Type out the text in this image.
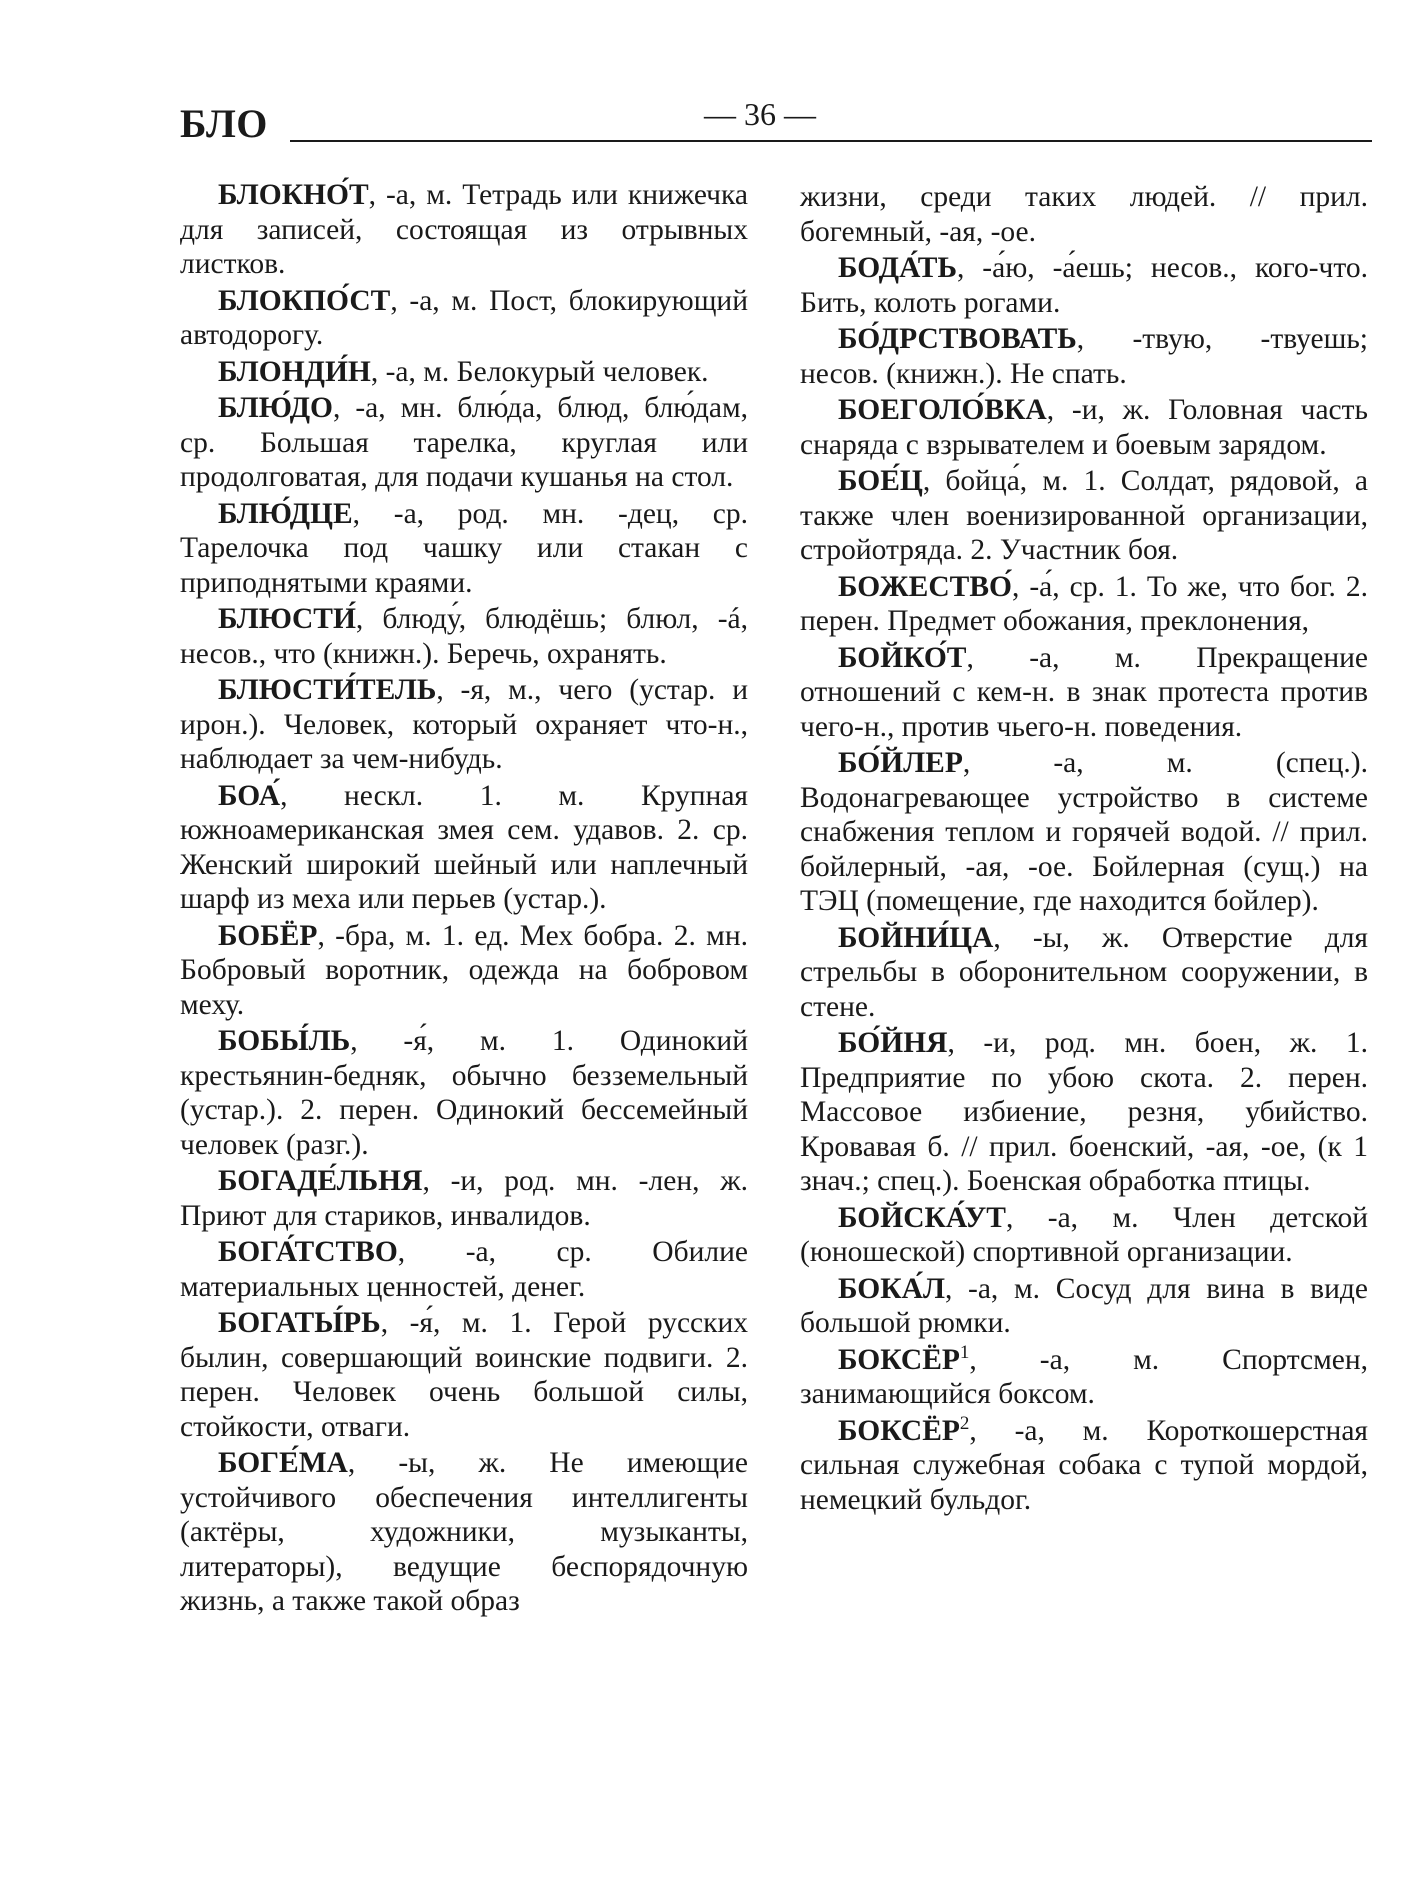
БЛО	— 36 —

БЛОКНО́Т, -а, м. Тетрадь или книжечка для записей, состоящая из отрывных листков.

БЛОКПО́СТ, -а, м. Пост, блокирующий автодорогу.

БЛОНДИ́Н, -а, м. Белокурый человек.

БЛЮ́ДО, -а, мн. блю́да, блюд, блю́дам, ср. Большая тарелка, круглая или продолговатая, для подачи кушанья на стол.

БЛЮ́ДЦЕ, -а, род. мн. -дец, ср. Тарелочка под чашку или стакан с приподнятыми краями.

БЛЮСТИ́, блюду́, блюдёшь; блюл, -á, несов., что (книжн.). Беречь, охранять.

БЛЮСТИ́ТЕЛЬ, -я, м., чего (устар. и ирон.). Человек, который охраняет что-н., наблюдает за чем-нибудь.

БОА́, нескл. 1. м. Крупная южноамериканская змея сем. удавов. 2. ср. Женский широкий шейный или наплечный шарф из меха или перьев (устар.).

БОБЁР, -бра, м. 1. ед. Мех бобра. 2. мн. Бобровый воротник, одежда на бобровом меху.

БОБЫ́ЛЬ, -я́, м. 1. Одинокий крестьянин-бедняк, обычно безземельный (устар.). 2. перен. Одинокий бессемейный человек (разг.).

БОГАДЕ́ЛЬНЯ, -и, род. мн. -лен, ж. Приют для стариков, инвалидов.

БОГА́ТСТВО, -а, ср. Обилие материальных ценностей, денег.

БОГАТЫ́РЬ, -я́, м. 1. Герой русских былин, совершающий воинские подвиги. 2. перен. Человек очень большой силы, стойкости, отваги.

БОГЕ́МА, -ы, ж. Не имеющие устойчивого обеспечения интеллигенты (актёры, художники, музыканты, литераторы), ведущие беспорядочную жизнь, а также такой образ

жизни, среди таких людей. // прил. богемный, -ая, -ое.

БОДА́ТЬ, -а́ю, -а́ешь; несов., кого-что. Бить, колоть рогами.

БО́ДРСТВОВАТЬ, -твую, -твуешь; несов. (книжн.). Не спать.

БОЕГОЛО́ВКА, -и, ж. Головная часть снаряда с взрывателем и боевым зарядом.

БОЕ́Ц, бойца́, м. 1. Солдат, рядовой, а также член военизированной организации, стройотряда. 2. Участник боя.

БОЖЕСТВО́, -а́, ср. 1. То же, что бог. 2. перен. Предмет обожания, преклонения,

БОЙКО́Т, -а, м. Прекращение отношений с кем-н. в знак протеста против чего-н., против чьего-н. поведения.

БО́ЙЛЕР, -а, м. (спец.). Водонагревающее устройство в системе снабжения теплом и горячей водой. // прил. бойлерный, -ая, -ое. Бойлерная (сущ.) на ТЭЦ (помещение, где находится бойлер).

БОЙНИ́ЦА, -ы, ж. Отверстие для стрельбы в оборонительном сооружении, в стене.

БО́ЙНЯ, -и, род. мн. боен, ж. 1. Предприятие по убою скота. 2. перен. Массовое избиение, резня, убийство. Кровавая б. // прил. боенский, -ая, -ое, (к 1 знач.; спец.). Боенская обработка птицы.

БОЙСКА́УТ, -а, м. Член детской (юношеской) спортивной организации.

БОКА́Л, -а, м. Сосуд для вина в виде большой рюмки.

БОКСЁР$^1$, -а, м. Спортсмен, занимающийся боксом.

БОКСЁР$^2$, -а, м. Короткошерстная сильная служебная собака с тупой мордой, немецкий бульдог.
